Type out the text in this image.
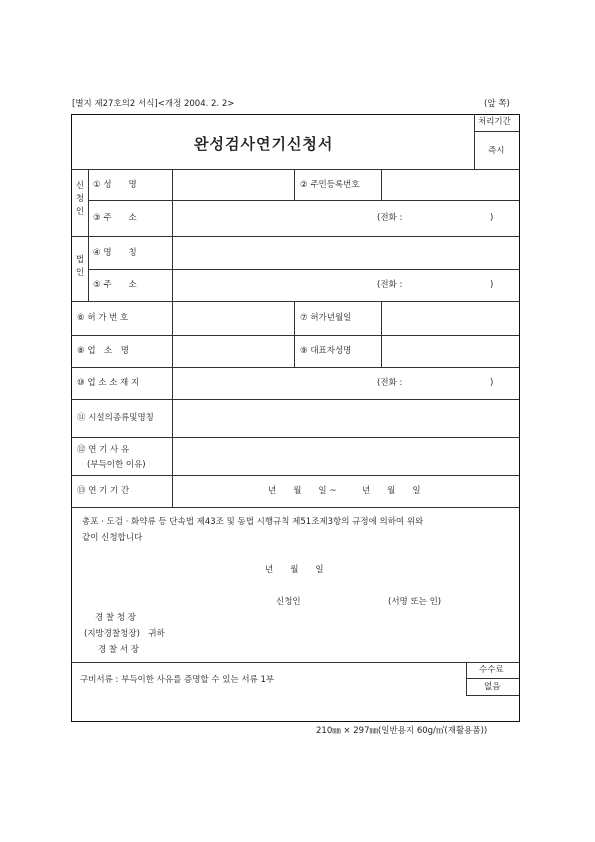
[별지 제27호의2 서식]<개정 2004. 2. 2>	(앞 쪽)
완성검사연기신청서
처리기간
즉시
신청인
① 성　　명	② 주민등록번호
③ 주　　소	(전화 :	)
법인
④ 명　　칭
⑤ 주　　소	(전화 :	)
⑥ 허 가 번 호	⑦ 허가년월일
⑧ 업　소　명	⑨ 대표자성명
⑩ 업 소 소 재 지	(전화 :	)
⑪ 시설의종류및명칭
⑫ 연 기 사 유
(부득이한 이유)
⑬ 연 기 기 간	년　　월　　일 ~　　　년　　월　　일
총포 · 도검 · 화약류 등 단속법 제43조 및 동법 시행규칙 제51조제3항의 규정에 의하여 위와
같이 신청합니다
년　　월　　일
신청인	(서명 또는 인)
경 찰 청 장
(지방경찰청장)　귀하
경 찰 서 장
구비서류 : 부득이한 사유를 증명할 수 있는 서류 1부
수수료
없음
210㎜ × 297㎜(일반용지 60g/㎡(재활용품))
